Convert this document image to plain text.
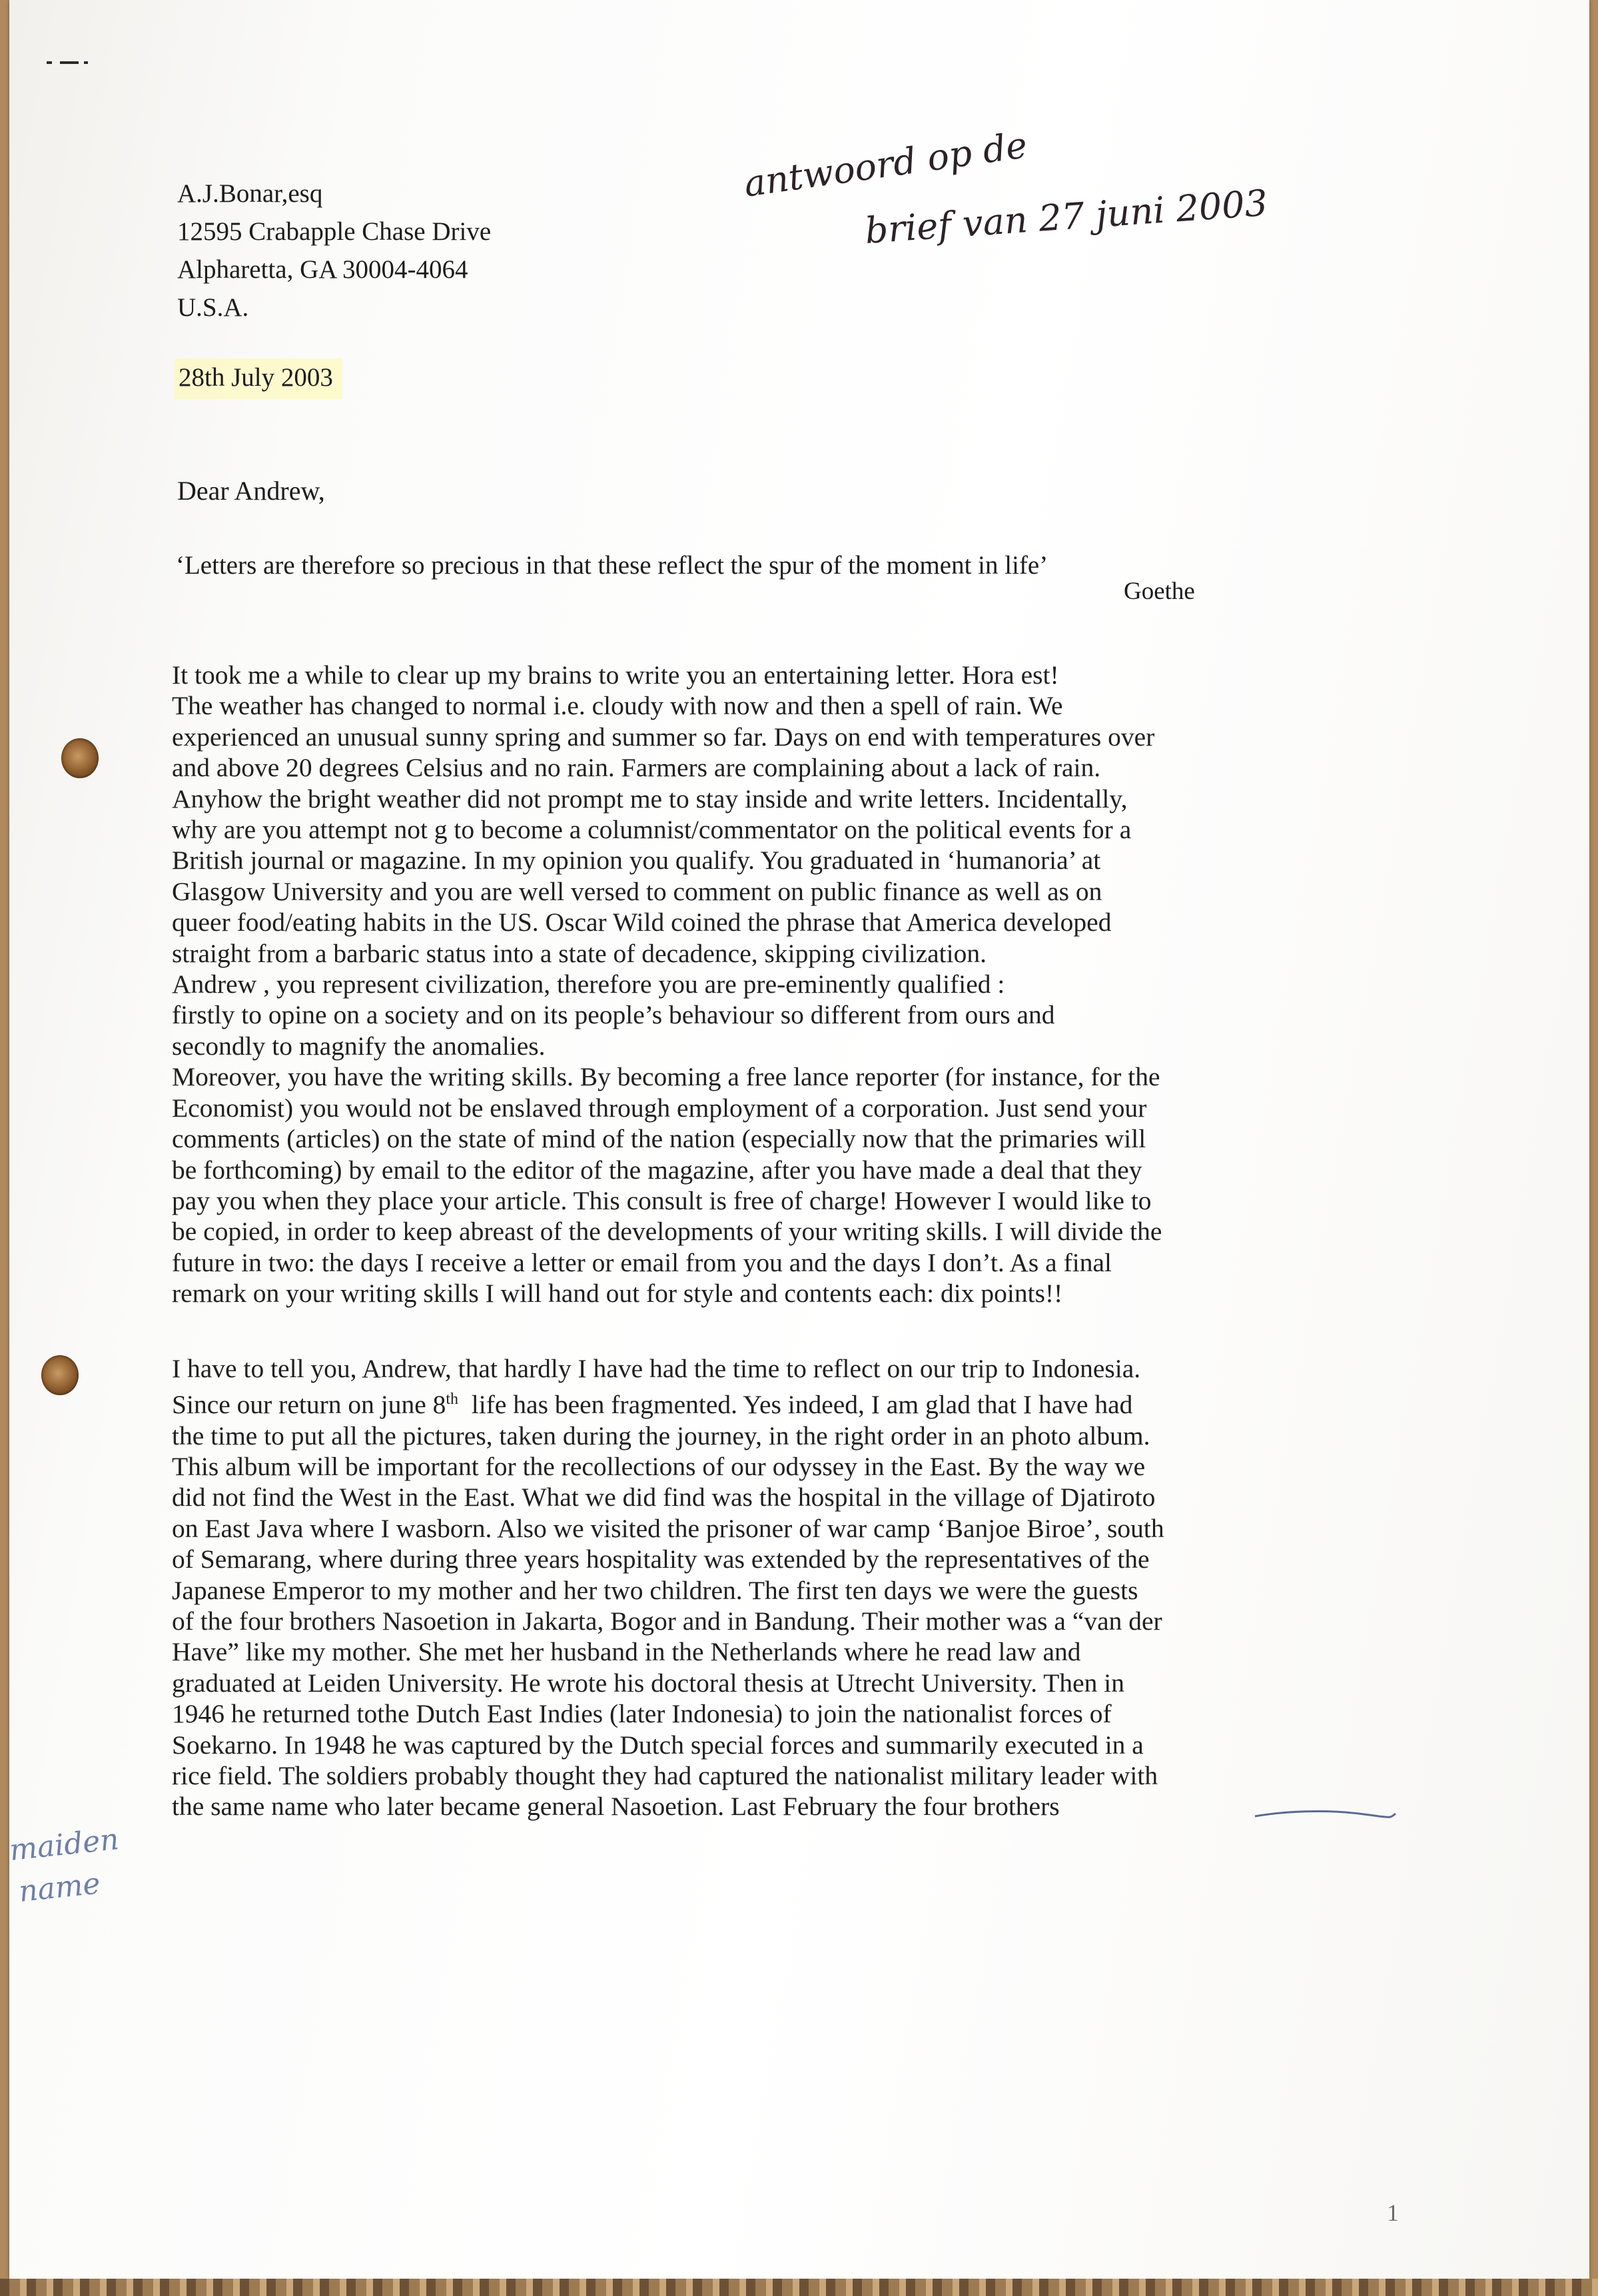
A.J.Bonar,esq
12595 Crabapple Chase Drive
Alpharetta, GA 30004-4064
U.S.A.
antwoord op de
brief van 27 juni 2003
28th July 2003
Dear Andrew,
‘Letters are therefore so precious in that these reflect the spur of the moment in life’
Goethe
It took me a while to clear up my brains to write you an entertaining letter. Hora est!
The weather has changed to normal i.e. cloudy with now and then a spell of rain. We
experienced an unusual sunny spring and summer so far. Days on end with temperatures over
and above 20 degrees Celsius and no rain. Farmers are complaining about a lack of rain.
Anyhow the bright weather did not prompt me to stay inside and write letters. Incidentally,
why are you attempt not g to become a columnist/commentator on the political events for a
British journal or magazine. In my opinion you qualify. You graduated in ‘humanoria’ at
Glasgow University and you are well versed to comment on public finance as well as on
queer food/eating habits in the US. Oscar Wild coined the phrase that America developed
straight from a barbaric status into a state of decadence, skipping civilization.
Andrew , you represent civilization, therefore you are pre-eminently qualified :
firstly to opine on a society and on its people’s behaviour so different from ours and
secondly to magnify the anomalies.
Moreover, you have the writing skills. By becoming a free lance reporter (for instance, for the
Economist) you would not be enslaved through employment of a corporation. Just send your
comments (articles) on the state of mind of the nation (especially now that the primaries will
be forthcoming) by email to the editor of the magazine, after you have made a deal that they
pay you when they place your article. This consult is free of charge! However I would like to
be copied, in order to keep abreast of the developments of your writing skills. I will divide the
future in two: the days I receive a letter or email from you and the days I don’t. As a final
remark on your writing skills I will hand out for style and contents each: dix points!!
I have to tell you, Andrew, that hardly I have had the time to reflect on our trip to Indonesia.
Since our return on june 8th  life has been fragmented. Yes indeed, I am glad that I have had
the time to put all the pictures, taken during the journey, in the right order in an photo album.
This album will be important for the recollections of our odyssey in the East. By the way we
did not find the West in the East. What we did find was the hospital in the village of Djatiroto
on East Java where I wasborn. Also we visited the prisoner of war camp ‘Banjoe Biroe’, south
of Semarang, where during three years hospitality was extended by the representatives of the
Japanese Emperor to my mother and her two children. The first ten days we were the guests
of the four brothers Nasoetion in Jakarta, Bogor and in Bandung. Their mother was a “van der
Have” like my mother. She met her husband in the Netherlands where he read law and
graduated at Leiden University. He wrote his doctoral thesis at Utrecht University. Then in
1946 he returned tothe Dutch East Indies (later Indonesia) to join the nationalist forces of
Soekarno. In 1948 he was captured by the Dutch special forces and summarily executed in a
rice field. The soldiers probably thought they had captured the nationalist military leader with
the same name who later became general Nasoetion. Last February the four brothers
maiden
name
1
